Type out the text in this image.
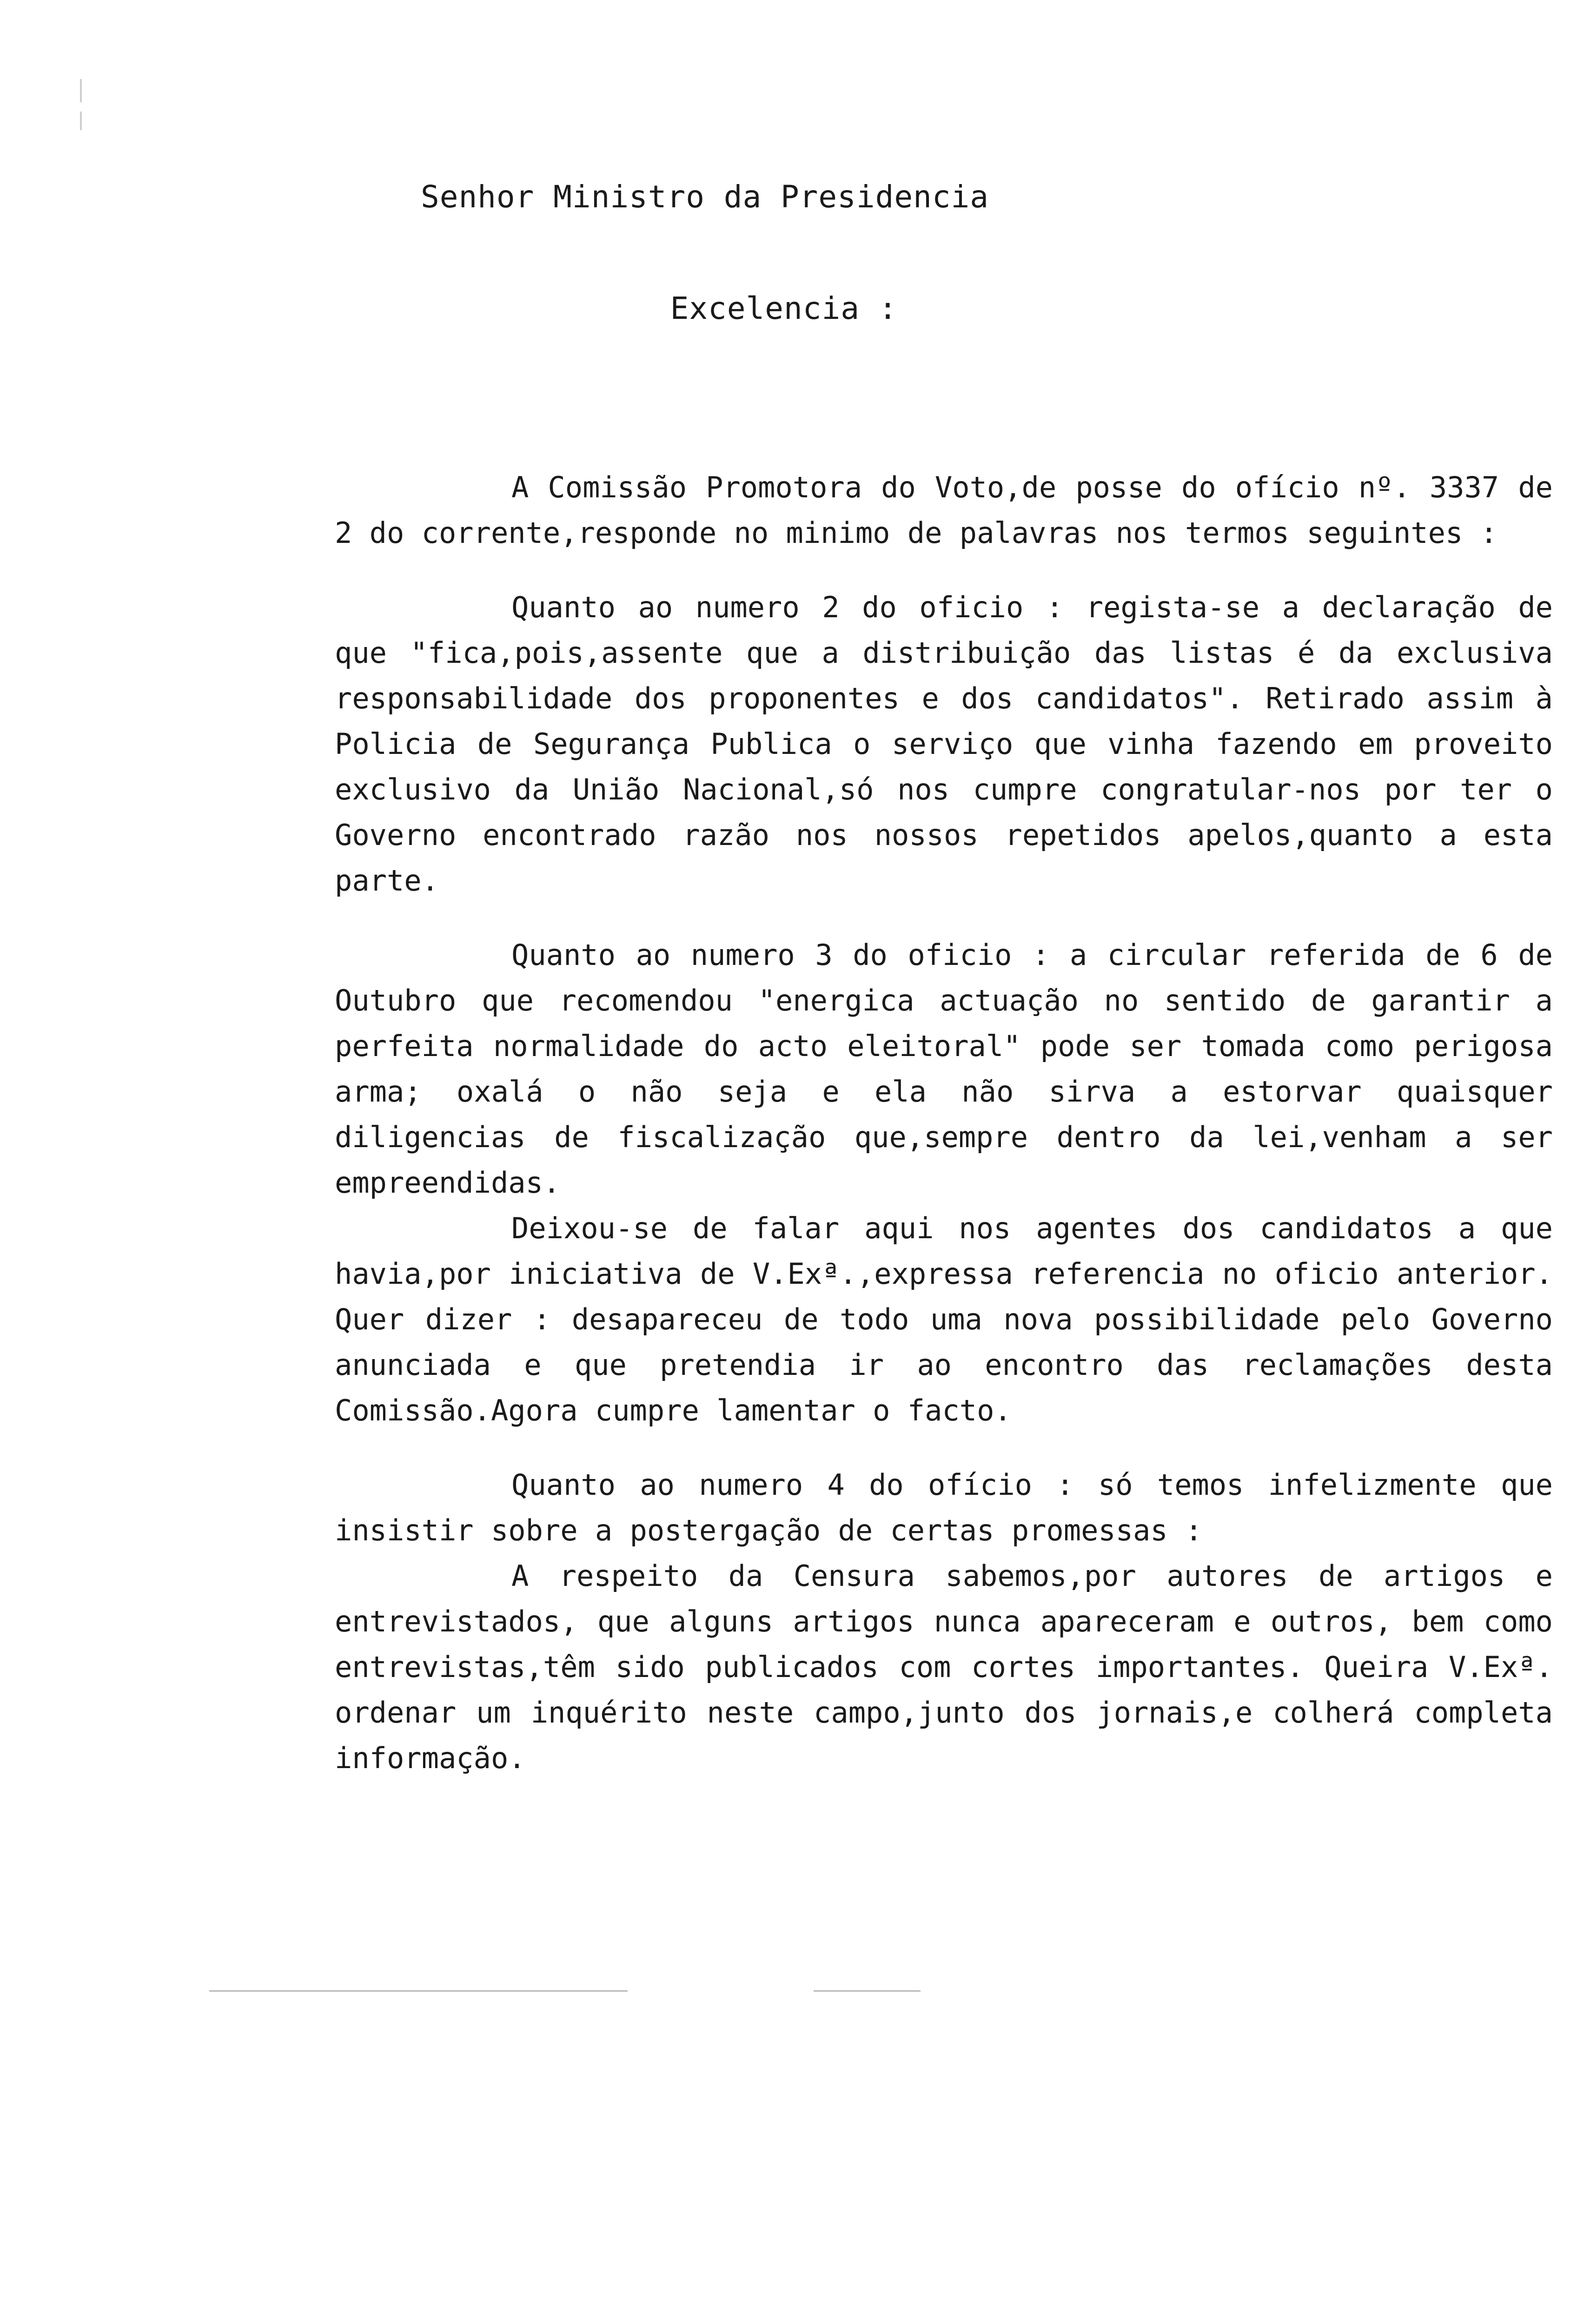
Senhor Ministro da Presidencia
Excelencia :

A Comissão Promotora do Voto,de posse do ofício nº. 3337 de 2 do corrente,responde no minimo de palavras nos termos seguintes :

Quanto ao numero 2 do oficio : regista-se a declaração de que "fica,pois,assente que a distribuição das listas é da exclusiva responsabilidade dos proponentes e dos candidatos". Retirado assim à Policia de Segurança Publica o serviço que vinha fazendo em proveito exclusivo da União Nacional,só nos cumpre congratular-nos por ter o Governo encontrado razão nos nossos repetidos apelos,quanto a esta parte.

Quanto ao numero 3 do oficio : a circular referida de 6 de Outubro que recomendou "energica actuação no sentido de garantir a perfeita normalidade do acto eleitoral" pode ser tomada como perigosa arma; oxalá o não seja e ela não sirva a estorvar quaisquer diligencias de fiscalização que,sempre dentro da lei,venham a ser empreendidas.

Deixou-se de falar aqui nos agentes dos candidatos a que havia,por iniciativa de V.Exª.,expressa referencia no oficio anterior. Quer dizer : desapareceu de todo uma nova possibilidade pelo Governo anunciada e que pretendia ir ao encontro das reclamações desta Comissão.Agora cumpre lamentar o facto.

Quanto ao numero 4 do ofício : só temos infelizmente que insistir sobre a postergação de certas promessas :

A respeito da Censura sabemos,por autores de artigos e entrevistados, que alguns artigos nunca apareceram e outros, bem como entrevistas,têm sido publicados com cortes importantes. Queira V.Exª. ordenar um inquérito neste campo,junto dos jornais,e colherá completa informação.
